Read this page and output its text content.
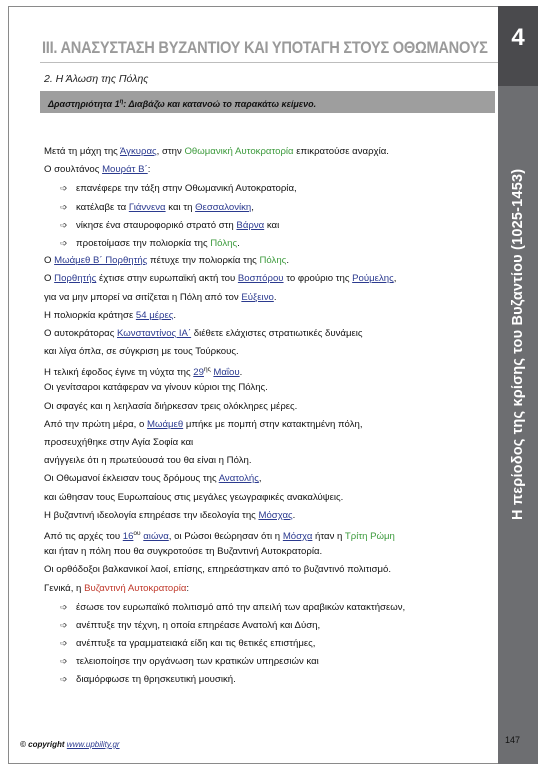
4
Η περίοδος της κρίσης του Βυζαντίου (1025-1453)
ΙΙΙ. ΑΝΑΣΥΣΤΑΣΗ ΒΥΖΑΝΤΙΟΥ ΚΑΙ ΥΠΟΤΑΓΗ ΣΤΟΥΣ ΟΘΩΜΑΝΟΥΣ
2. Η Άλωση της Πόλης
Δραστηριότητα $1^\eta$: Διαβάζω και κατανοώ το παρακάτω κείμενο.
Μετά τη μάχη της Άγκυρας, στην Οθωμανική Αυτοκρατορία επικρατούσε αναρχία.
Ο σουλτάνος Μουράτ Β΄:
➩ επανέφερε την τάξη στην Οθωμανική Αυτοκρατορία,
➩ κατέλαβε τα Γιάννενα και τη Θεσσαλονίκη,
➩ νίκησε ένα σταυροφορικό στρατό στη Βάρνα και
➩ προετοίμασε την πολιορκία της Πόλης.
Ο Μωάμεθ Β΄ Πορθητής πέτυχε την πολιορκία της Πόλης.
Ο Πορθητής έχτισε στην ευρωπαϊκή ακτή του Βοσπόρου το φρούριο της Ρούμελης,
για να μην μπορεί να σιτίζεται η Πόλη από τον Εύξεινο.
Η πολιορκία κράτησε 54 μέρες.
Ο αυτοκράτορας Κωνσταντίνος ΙΑ΄ διέθετε ελάχιστες στρατιωτικές δυνάμεις
και λίγα όπλα, σε σύγκριση με τους Τούρκους.
Η τελική έφοδος έγινε τη νύχτα της $29^{\eta\varsigma}$ Μαΐου.
Οι γενίτσαροι κατάφεραν να γίνουν κύριοι της Πόλης.
Οι σφαγές και η λεηλασία διήρκεσαν τρεις ολόκληρες μέρες.
Από την πρώτη μέρα, ο Μωάμεθ μπήκε με πομπή στην κατακτημένη πόλη,
προσευχήθηκε στην Αγία Σοφία και
ανήγγειλε ότι η πρωτεύουσά του θα είναι η Πόλη.
Οι Οθωμανοί έκλεισαν τους δρόμους της Ανατολής,
και ώθησαν τους Ευρωπαίους στις μεγάλες γεωγραφικές ανακαλύψεις.
Η βυζαντινή ιδεολογία επηρέασε την ιδεολογία της Μόσχας.
Από τις αρχές του $16^{o\upsilon}$ αιώνα, οι Ρώσοι θεώρησαν ότι η Μόσχα ήταν η Τρίτη Ρώμη
και ήταν η πόλη που θα συγκροτούσε τη Βυζαντινή Αυτοκρατορία.
Οι ορθόδοξοι βαλκανικοί λαοί, επίσης, επηρεάστηκαν από το βυζαντινό πολιτισμό.
Γενικά, η Βυζαντινή Αυτοκρατορία:
➩ έσωσε τον ευρωπαϊκό πολιτισμό από την απειλή των αραβικών κατακτήσεων,
➩ ανέπτυξε την τέχνη, η οποία επηρέασε Ανατολή και Δύση,
➩ ανέπτυξε τα γραμματειακά είδη και τις θετικές επιστήμες,
➩ τελειοποίησε την οργάνωση των κρατικών υπηρεσιών και
➩ διαμόρφωσε τη θρησκευτική μουσική.
© copyright www.upbility.gr	147
